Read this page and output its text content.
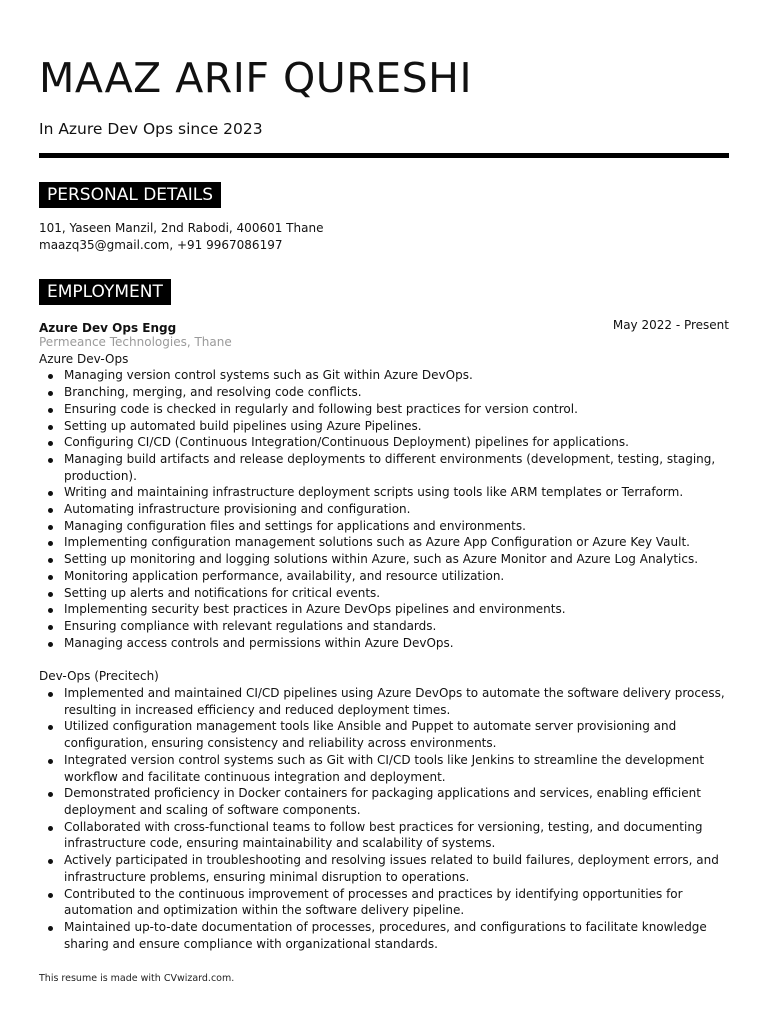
MAAZ ARIF QURESHI
In Azure Dev Ops since 2023
PERSONAL DETAILS
101, Yaseen Manzil, 2nd Rabodi, 400601 Thane
maazq35@gmail.com, +91 9967086197
EMPLOYMENT
Azure Dev Ops Engg	May 2022 - Present
Permeance Technologies, Thane
Azure Dev-Ops
Managing version control systems such as Git within Azure DevOps.
Branching, merging, and resolving code conflicts.
Ensuring code is checked in regularly and following best practices for version control.
Setting up automated build pipelines using Azure Pipelines.
Configuring CI/CD (Continuous Integration/Continuous Deployment) pipelines for applications.
Managing build artifacts and release deployments to different environments (development, testing, staging, production).
Writing and maintaining infrastructure deployment scripts using tools like ARM templates or Terraform.
Automating infrastructure provisioning and configuration.
Managing configuration files and settings for applications and environments.
Implementing configuration management solutions such as Azure App Configuration or Azure Key Vault.
Setting up monitoring and logging solutions within Azure, such as Azure Monitor and Azure Log Analytics.
Monitoring application performance, availability, and resource utilization.
Setting up alerts and notifications for critical events.
Implementing security best practices in Azure DevOps pipelines and environments.
Ensuring compliance with relevant regulations and standards.
Managing access controls and permissions within Azure DevOps.
Dev-Ops (Precitech)
Implemented and maintained CI/CD pipelines using Azure DevOps to automate the software delivery process, resulting in increased efficiency and reduced deployment times.
Utilized configuration management tools like Ansible and Puppet to automate server provisioning and configuration, ensuring consistency and reliability across environments.
Integrated version control systems such as Git with CI/CD tools like Jenkins to streamline the development workflow and facilitate continuous integration and deployment.
Demonstrated proficiency in Docker containers for packaging applications and services, enabling efficient deployment and scaling of software components.
Collaborated with cross-functional teams to follow best practices for versioning, testing, and documenting infrastructure code, ensuring maintainability and scalability of systems.
Actively participated in troubleshooting and resolving issues related to build failures, deployment errors, and infrastructure problems, ensuring minimal disruption to operations.
Contributed to the continuous improvement of processes and practices by identifying opportunities for automation and optimization within the software delivery pipeline.
Maintained up-to-date documentation of processes, procedures, and configurations to facilitate knowledge sharing and ensure compliance with organizational standards.
This resume is made with CVwizard.com.
